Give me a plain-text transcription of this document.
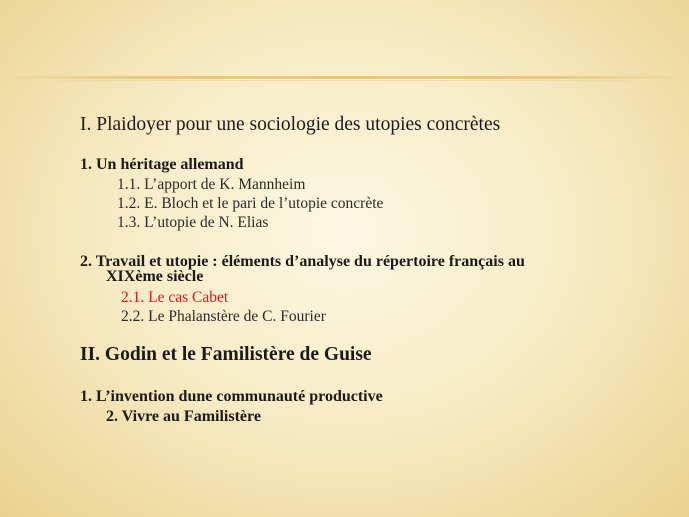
I. Plaidoyer pour une sociologie des utopies concrètes
1. Un héritage allemand
1.1. L’apport de K. Mannheim
1.2. E. Bloch et le pari de l’utopie concrète
1.3. L’utopie de N. Elias
2. Travail et utopie : éléments d’analyse du répertoire français au
XIXème siècle
2.1. Le cas Cabet
2.2. Le Phalanstère de C. Fourier
II. Godin et le Familistère de Guise
1. L’invention dune communauté productive
2. Vivre au Familistère
